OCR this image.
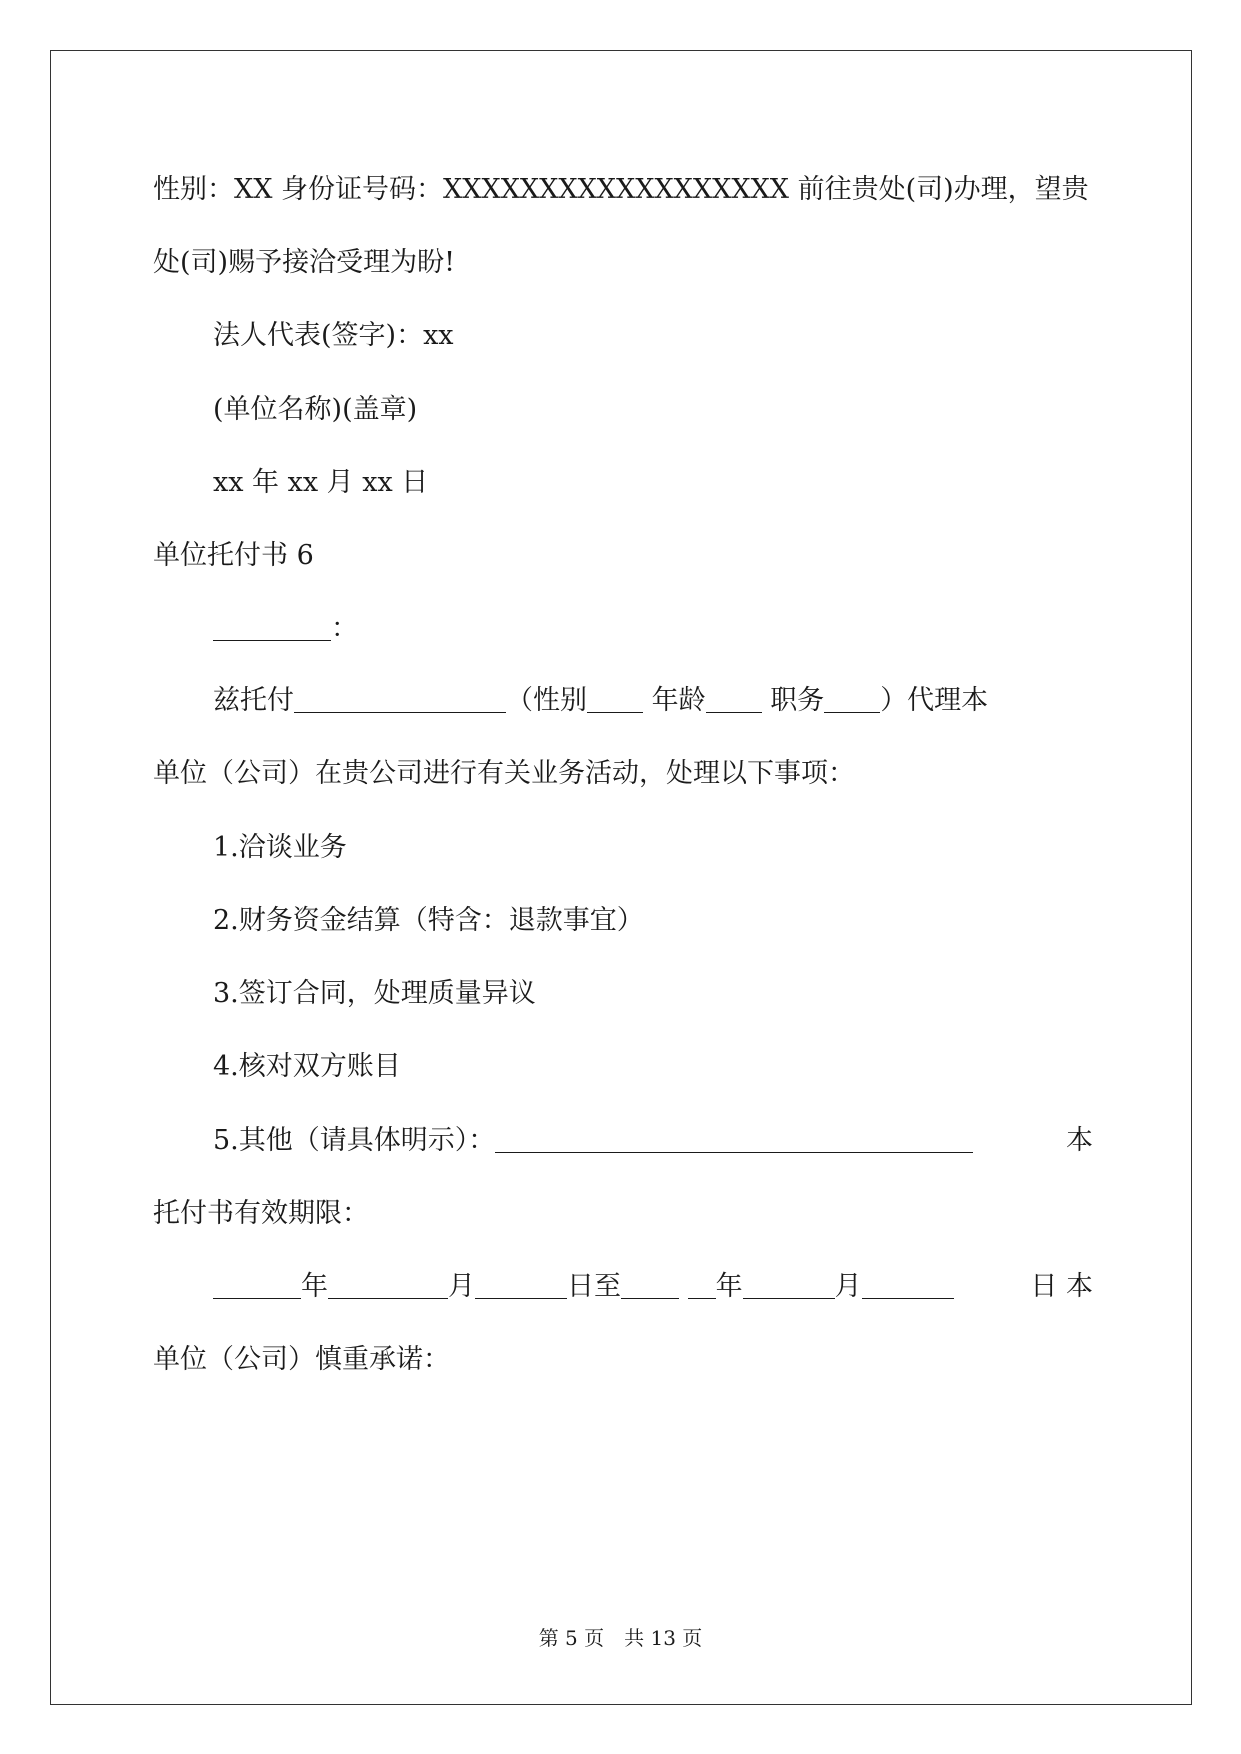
性别：XX 身份证号码：XXXXXXXXXXXXXXXXXX 前往贵处(司)办理，望贵
处(司)赐予接洽受理为盼!
法人代表(签字)：xx
(单位名称)(盖章)
xx 年 xx 月 xx 日
单位托付书 6
：
兹托付	（性别 年龄 职务 ）代理本
单位（公司）在贵公司进行有关业务活动，处理以下事项：
1.洽谈业务
2.财务资金结算（特含：退款事宜）
3.签订合同，处理质量异议
4.核对双方账目
5.其他（请具体明示）：	本
托付书有效期限：
年	月	日至	年	月	日 本
单位（公司）慎重承诺：
第 5 页　共 13 页
